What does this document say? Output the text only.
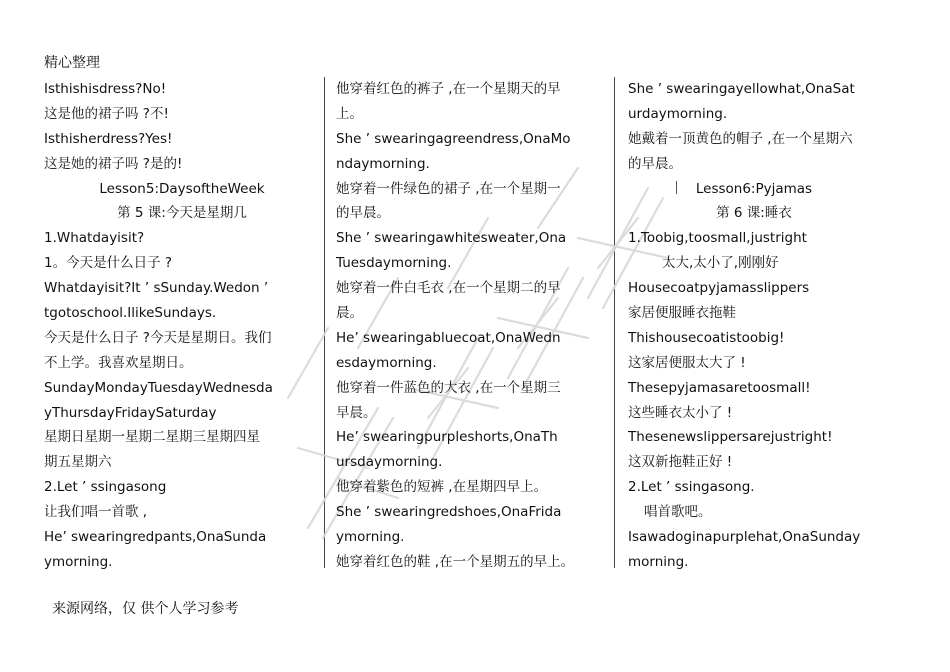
精心整理
Isthishisdress?No!
这是他的裙子吗 ?不!
Isthisherdress?Yes!
这是她的裙子吗 ?是的!
Lesson5:DaysoftheWeek
第 5 课:今天是星期几
1.Whatdayisit?
1。今天是什么日子 ?
Whatdayisit?It ’ sSunday.Wedon ’
tgotoschool.IlikeSundays.
今天是什么日子 ?今天是星期日。我们
不上学。我喜欢星期日。
SundayMondayTuesdayWednesda
yThursdayFridaySaturday
星期日星期一星期二星期三星期四星
期五星期六
2.Let ’ ssingasong
让我们唱一首歌 ,
He’ swearingredpants,OnaSunda
ymorning.
他穿着红色的裤子 ,在一个星期天的早
上。
She ’ swearingagreendress,OnaMo
ndaymorning.
她穿着一件绿色的裙子 ,在一个星期一
的早晨。
She ’ swearingawhitesweater,Ona
Tuesdaymorning.
她穿着一件白毛衣 ,在一个星期二的早
晨。
He’ swearingabluecoat,OnaWedn
esdaymorning.
他穿着一件蓝色的大衣 ,在一个星期三
早晨。
He’ swearingpurpleshorts,OnaTh
ursdaymorning.
他穿着紫色的短裤 ,在星期四早上。
She ’ swearingredshoes,OnaFrida
ymorning.
她穿着红色的鞋 ,在一个星期五的早上。
She ’ swearingayellowhat,OnaSat
urdaymorning.
她戴着一顶黄色的帽子 ,在一个星期六
的早晨。
Lesson6:Pyjamas
第 6 课:睡衣
1.Toobig,toosmall,justright
太大,太小了,刚刚好
Housecoatpyjamasslippers
家居便服睡衣拖鞋
Thishousecoatistoobig!
这家居便服太大了 !
Thesepyjamasaretoosmall!
这些睡衣太小了 !
Thesenewslippersarejustright!
这双新拖鞋正好 !
2.Let ’ ssingasong.
唱首歌吧。
Isawadoginapurplehat,OnaSunday
morning.
来源网络，仅 供个人学习参考
